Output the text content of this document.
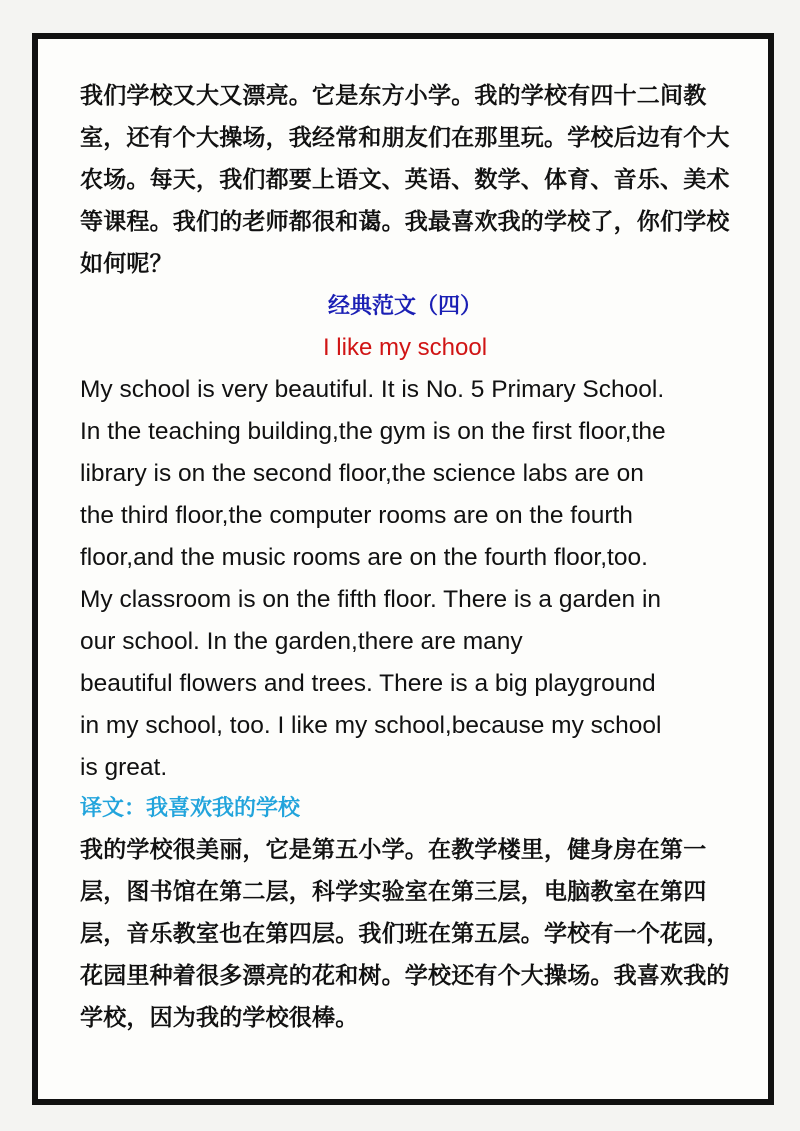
我们学校又大又漂亮。它是东方小学。我的学校有四十二间教室，还有个大操场，我经常和朋友们在那里玩。学校后边有个大农场。每天，我们都要上语文、英语、数学、体育、音乐、美术等课程。我们的老师都很和蔼。我最喜欢我的学校了，你们学校如何呢？

经典范文（四）
I like my school

My school is very beautiful. It is No. 5 Primary School.
In the teaching building,the gym is on the first floor,the
library is on the second floor,the science labs are on
the third floor,the computer rooms are on the fourth
floor,and the music rooms are on the fourth floor,too.
My classroom is on the fifth floor. There is a garden in
our school. In the garden,there are many
beautiful flowers and trees. There is a big playground
in my school, too. I like my school,because my school
is great.

译文：我喜欢我的学校

我的学校很美丽，它是第五小学。在教学楼里，健身房在第一层，图书馆在第二层，科学实验室在第三层，电脑教室在第四层，音乐教室也在第四层。我们班在第五层。学校有一个花园，花园里种着很多漂亮的花和树。学校还有个大操场。我喜欢我的学校，因为我的学校很棒。
